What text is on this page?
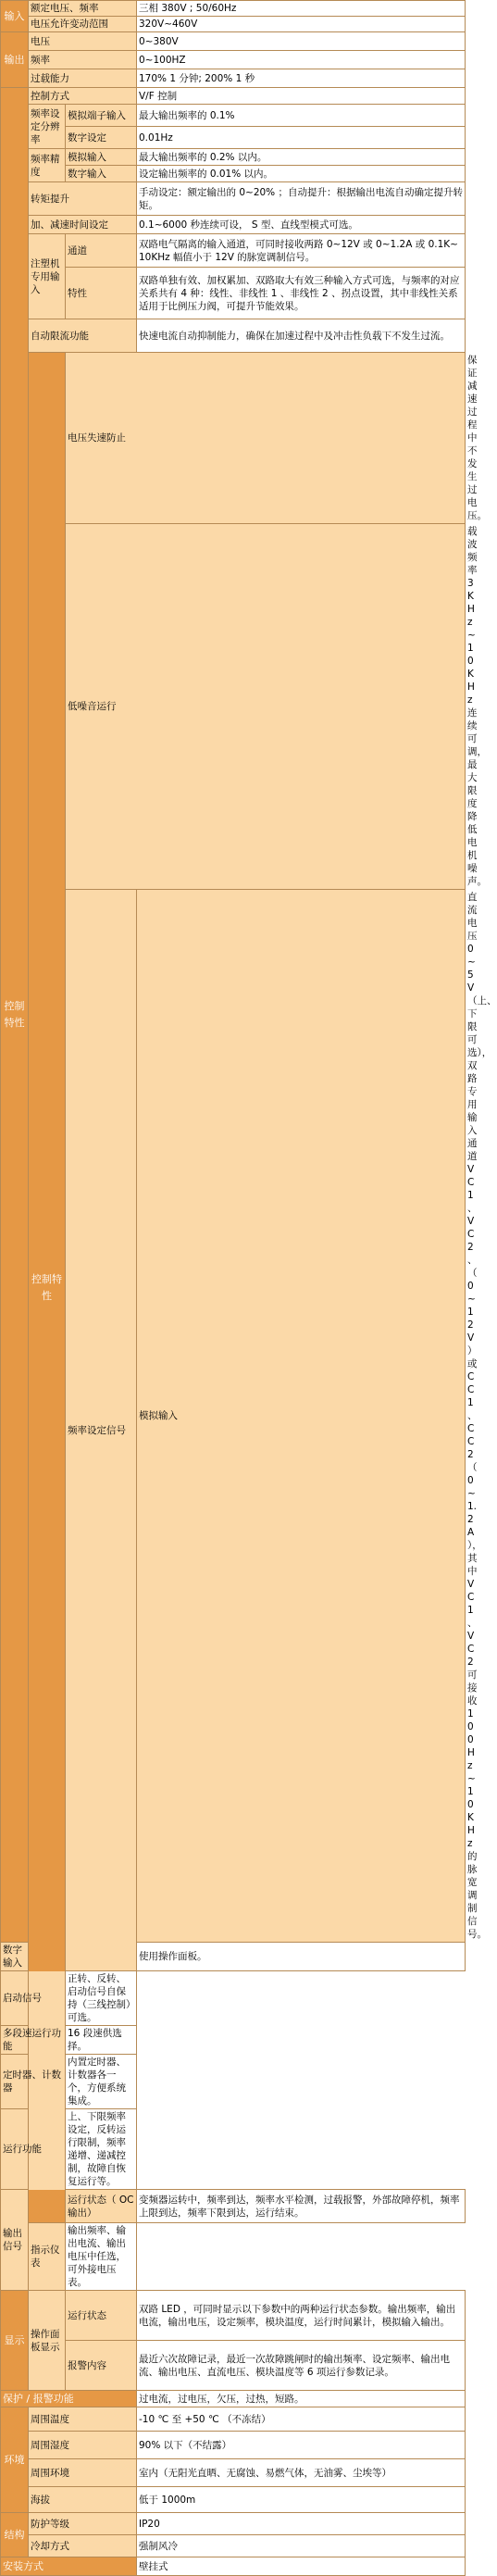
输入	额定电压、频率		三相 380V ; 50/60Hz	
	电压允许变动范围		320V~460V	
输出	电压		0~380V	
	频率		0~100HZ	
	过载能力		170% 1 分钟; 200% 1 秒	
控制特性	控制方式		V/F 控制	
	频率设定分辨率	模拟端子输入	最大输出频率的 0.1%	
		数字设定	0.01Hz	
	频率精度	模拟输入	最大输出频率的 0.2% 以内。	
		数字输入	设定输出频率的 0.01% 以内。	
	转矩提升		手动设定：额定输出的 0~20% ；自动提升：根据输出电流自动确定提升转矩。	
	加、减速时间设定		0.1~6000 秒连续可设， S 型、直线型模式可选。	
	注塑机专用输入	通道	双路电气隔离的输入通道，可同时接收两路 0~12V 或 0~1.2A 或 0.1K~10KHz 幅值小于 12V 的脉宽调制信号。	
		特性	双路单独有效、加权累加、双路取大有效三种输入方式可选，与频率的对应关系共有 4 种：线性、非线性 1 、非线性 2 、拐点设置，其中非线性关系适用于比例压力阀，可提升节能效果。	
	自动限流功能		快速电流自动抑制能力，确保在加速过程中及冲击性负载下不发生过流。	
	控制特性	电压失速防止		保证减速过程中不发生过电压。
		低噪音运行		载波频率 3KHz ~ 10KHz 连续可调，最大限度降低电机噪声。
		频率设定信号	模拟输入	直流电压 0~5V （上、下限可选），双路专用输入通道 VC1 、VC2 、（ 0~12V ）或 CC1 、 CC2 （ 0~1.2A ）， 其中 VC1 、VC2 可接收 100Hz~10KHz 的脉宽调制信号。
数字输入			使用操作面板。	
启动信号		正转、反转、启动信号自保持（三线控制）可选。		
多段速运行功能		16 段速供选择。		
定时器、计数器		内置定时器、计数器各一个，方便系统集成。		
运行功能		上、下限频率设定，反转运行限制，频率递增、递减控制，故障自恢复运行等。		
输出信号		运行状态（ OC 输出）	变频器运转中，频率到达，频率水平检测，过载报警，外部故障停机，频率上限到达，频率下限到达，运行结束。	
	指示仪表	输出频率、输出电流、输出电压中任选，可外接电压表。		
显示	操作面板显示	运行状态	双路 LED ，可同时显示以下参数中的两种运行状态参数。输出频率，输出电流，输出电压，设定频率，模块温度，运行时间累计，模拟输入输出。	
		报警内容	最近六次故障记录，最近一次故障跳闸时的输出频率、设定频率、输出电流、输出电压、直流电压、模块温度等 6 项运行参数记录。	
保护 / 报警功能			过电流，过电压，欠压，过热，短路。	
环境	周围温度		-10 ℃ 至 +50 ℃ （不冻结）	
	周围湿度		90% 以下（不结露）	
	周围环境		室内（无阳光直晒、无腐蚀、易燃气体，无油雾、尘埃等）	
	海拔		低于 1000m	
结构	防护等级		IP20	
	冷却方式		强制风冷	
安装方式			壁挂式	
